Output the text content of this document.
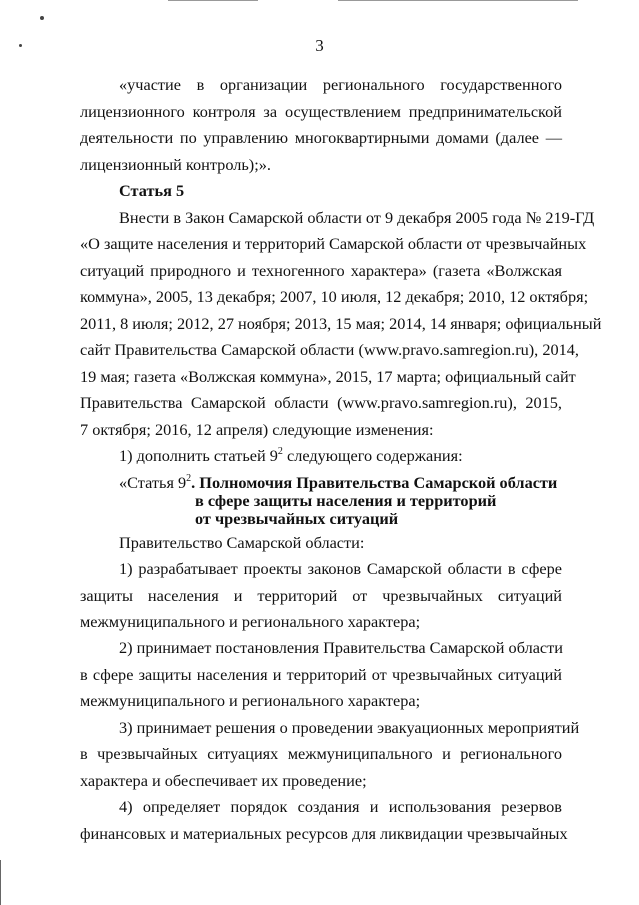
3

«участие в организации регионального государственного

лицензионного контроля за осуществлением предпринимательской

деятельности по управлению многоквартирными домами (далее —

лицензионный контроль);».

Статья 5

Внести в Закон Самарской области от 9 декабря 2005 года № 219-ГД

«О защите населения и территорий Самарской области от чрезвычайных

ситуаций природного и техногенного характера» (газета «Волжская

коммуна», 2005, 13 декабря; 2007, 10 июля, 12 декабря; 2010, 12 октября;

2011, 8 июля; 2012, 27 ноября; 2013, 15 мая; 2014, 14 января; официальный

сайт Правительства Самарской области (www.pravo.samregion.ru), 2014,

19 мая; газета «Волжская коммуна», 2015, 17 марта; официальный сайт

Правительства Самарской области (www.pravo.samregion.ru), 2015,

7 октября; 2016, 12 апреля) следующие изменения:

1) дополнить статьей $9^2$ следующего содержания:

«Статья $9^2$. Полномочия Правительства Самарской области

в сфере защиты населения и территорий

от чрезвычайных ситуаций

Правительство Самарской области:

1) разрабатывает проекты законов Самарской области в сфере

защиты населения и территорий от чрезвычайных ситуаций

межмуниципального и регионального характера;

2) принимает постановления Правительства Самарской области

в сфере защиты населения и территорий от чрезвычайных ситуаций

межмуниципального и регионального характера;

3) принимает решения о проведении эвакуационных мероприятий

в чрезвычайных ситуациях межмуниципального и регионального

характера и обеспечивает их проведение;

4) определяет порядок создания и использования резервов

финансовых и материальных ресурсов для ликвидации чрезвычайных
